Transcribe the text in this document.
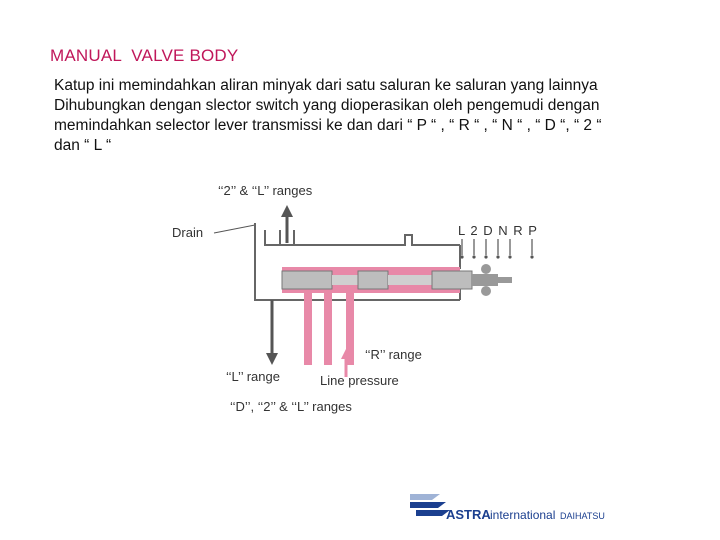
MANUAL  VALVE BODY
Katup ini memindahkan aliran minyak dari satu saluran ke saluran yang lainnya
Dihubungkan dengan slector switch yang dioperasikan oleh pengemudi dengan
memindahkan selector lever transmissi ke dan dari “ P “ , “ R “ , “ N “ , “ D “, “ 2 “
dan “ L “
‘‘2’’ & ‘‘L’’ ranges
Drain	L 2 D N R P
‘‘R’’ range
‘‘L’’ range	Line pressure
‘‘D’’, ‘‘2’’ & ‘‘L’’ ranges
ASTRA international DAIHATSU
